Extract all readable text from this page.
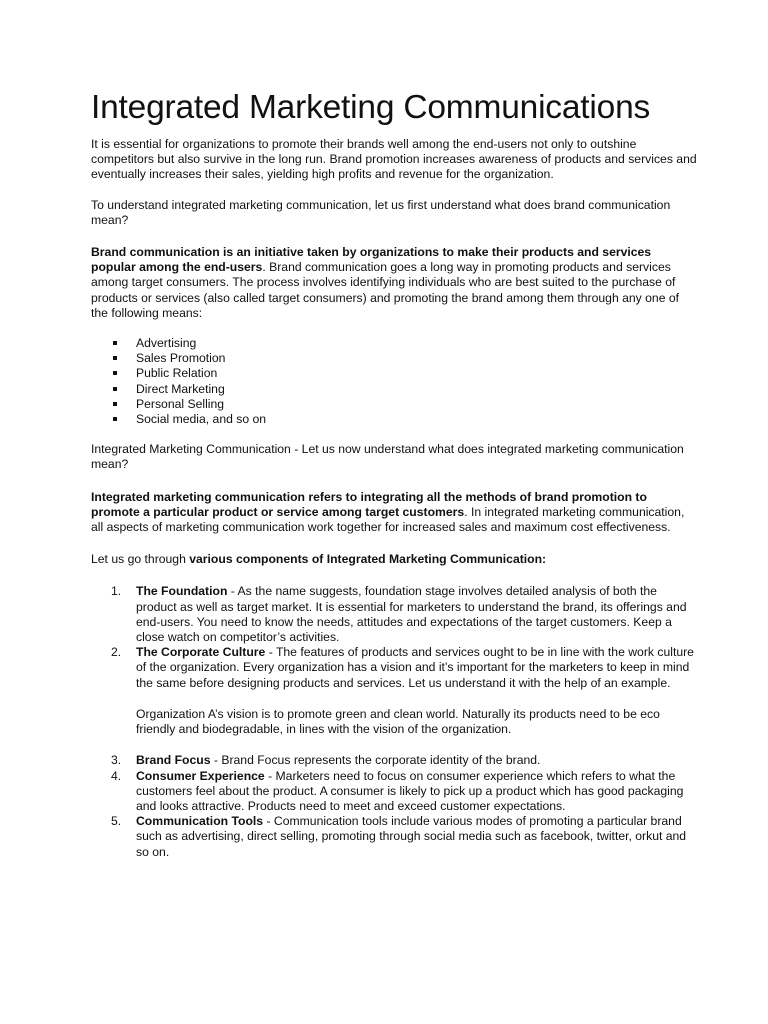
Integrated Marketing Communications

It is essential for organizations to promote their brands well among the end-users not only to outshine competitors but also survive in the long run. Brand promotion increases awareness of products and services and eventually increases their sales, yielding high profits and revenue for the organization.

To understand integrated marketing communication, let us first understand what does brand communication mean?

Brand communication is an initiative taken by organizations to make their products and services popular among the end-users. Brand communication goes a long way in promoting products and services among target consumers. The process involves identifying individuals who are best suited to the purchase of products or services (also called target consumers) and promoting the brand among them through any one of the following means:

Advertising
Sales Promotion
Public Relation
Direct Marketing
Personal Selling
Social media, and so on

Integrated Marketing Communication - Let us now understand what does integrated marketing communication mean?

Integrated marketing communication refers to integrating all the methods of brand promotion to promote a particular product or service among target customers. In integrated marketing communication, all aspects of marketing communication work together for increased sales and maximum cost effectiveness.

Let us go through various components of Integrated Marketing Communication:

1. The Foundation - As the name suggests, foundation stage involves detailed analysis of both the product as well as target market. It is essential for marketers to understand the brand, its offerings and end-users. You need to know the needs, attitudes and expectations of the target customers. Keep a close watch on competitor’s activities.
2. The Corporate Culture - The features of products and services ought to be in line with the work culture of the organization. Every organization has a vision and it’s important for the marketers to keep in mind the same before designing products and services. Let us understand it with the help of an example.

Organization A’s vision is to promote green and clean world. Naturally its products need to be eco friendly and biodegradable, in lines with the vision of the organization.

3. Brand Focus - Brand Focus represents the corporate identity of the brand.
4. Consumer Experience - Marketers need to focus on consumer experience which refers to what the customers feel about the product. A consumer is likely to pick up a product which has good packaging and looks attractive. Products need to meet and exceed customer expectations.
5. Communication Tools - Communication tools include various modes of promoting a particular brand such as advertising, direct selling, promoting through social media such as facebook, twitter, orkut and so on.
